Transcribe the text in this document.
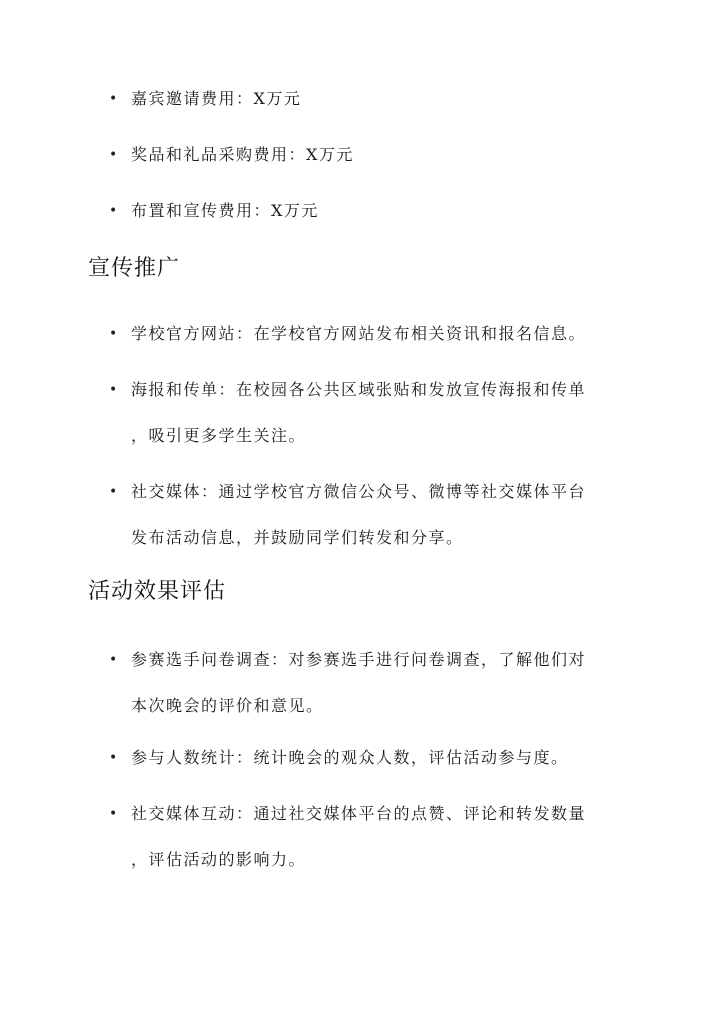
• 嘉宾邀请费用：X万元
• 奖品和礼品采购费用：X万元
• 布置和宣传费用：X万元
宣传推广
• 学校官方网站：在学校官方网站发布相关资讯和报名信息。
• 海报和传单：在校园各公共区域张贴和发放宣传海报和传单
，吸引更多学生关注。
• 社交媒体：通过学校官方微信公众号、微博等社交媒体平台
发布活动信息，并鼓励同学们转发和分享。
活动效果评估
• 参赛选手问卷调查：对参赛选手进行问卷调查，了解他们对
本次晚会的评价和意见。
• 参与人数统计：统计晚会的观众人数，评估活动参与度。
• 社交媒体互动：通过社交媒体平台的点赞、评论和转发数量
，评估活动的影响力。
